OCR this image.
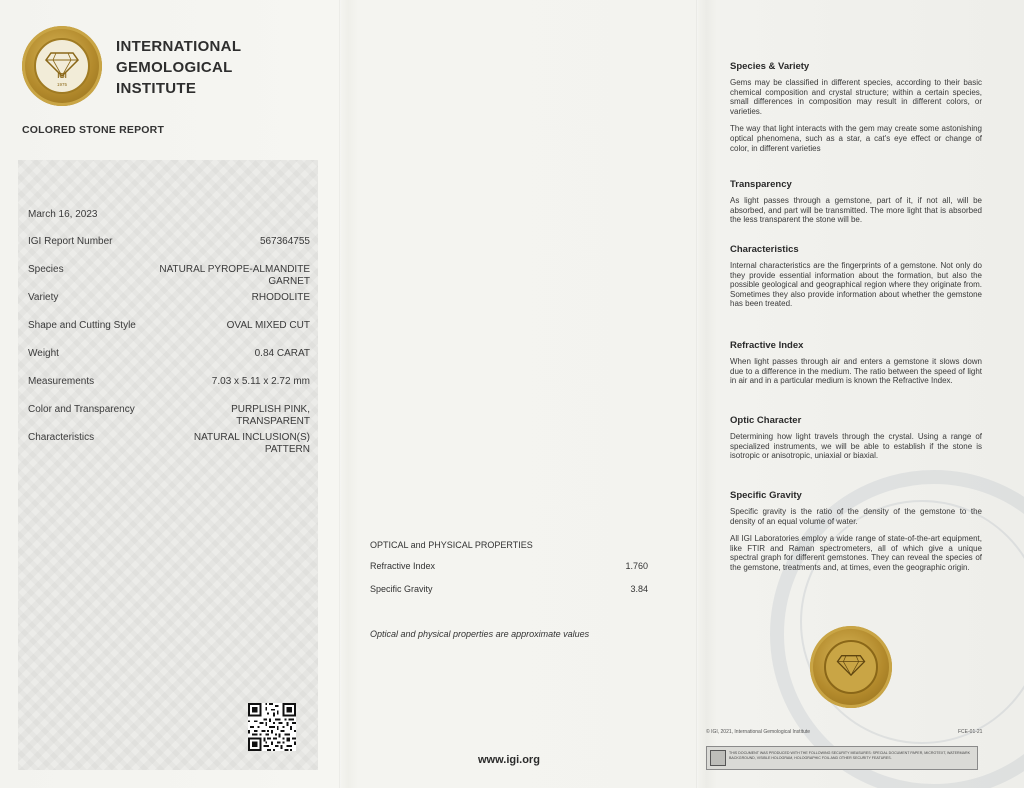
IGI
1975
INTERNATIONAL
GEMOLOGICAL
INSTITUTE
COLORED STONE REPORT
March 16, 2023
IGI Report Number	567364755
Species	NATURAL PYROPE-ALMANDITE
GARNET
Variety	RHODOLITE
Shape and Cutting Style	OVAL MIXED CUT
Weight	0.84 CARAT
Measurements	7.03 x 5.11 x 2.72 mm
Color and Transparency	PURPLISH PINK,
TRANSPARENT
Characteristics	NATURAL INCLUSION(S)
PATTERN
OPTICAL and PHYSICAL PROPERTIES
Refractive Index	1.760
Specific Gravity	3.84
Optical and physical properties are approximate values
www.igi.org
Species & Variety

Gems may be classified in different species, according to their basic chemical composition and crystal structure; within a certain species, small differences in composition may result in different colors, or varieties.

The way that light interacts with the gem may create some astonishing optical phenomena, such as a star, a cat's eye effect or change of color, in different varieties

Transparency

As light passes through a gemstone, part of it, if not all, will be absorbed, and part will be transmitted. The more light that is absorbed the less transparent the stone will be.

Characteristics

Internal characteristics are the fingerprints of a gemstone. Not only do they provide essential information about the formation, but also the possible geological and geographical region where they originate from. Sometimes they also provide information about whether the gemstone has been treated.

Refractive Index

When light passes through air and enters a gemstone it slows down due to a difference in the medium. The ratio between the speed of light in air and in a particular medium is known the Refractive Index.

Optic Character

Determining how light travels through the crystal. Using a range of specialized instruments, we will be able to establish if the stone is isotropic or anisotropic, uniaxial or biaxial.

Specific Gravity

Specific gravity is the ratio of the density of the gemstone to the density of an equal volume of water.

All IGI Laboratories employ a wide range of state-of-the-art equipment, like FTIR and Raman spectrometers, all of which give a unique spectral graph for different gemstones. They can reveal the species of the gemstone, treatments and, at times, even the geographic origin.

© IGI, 2021, International Gemological Institute	FCE-01-21
THIS DOCUMENT WAS PRODUCED WITH THE FOLLOWING SECURITY MEASURES: SPECIAL DOCUMENT PAPER, MICROTEXT, WATERMARK BACKGROUND, VISIBLE HOLOGRAM, HOLOGRAPHIC FOIL AND OTHER SECURITY FEATURES.
